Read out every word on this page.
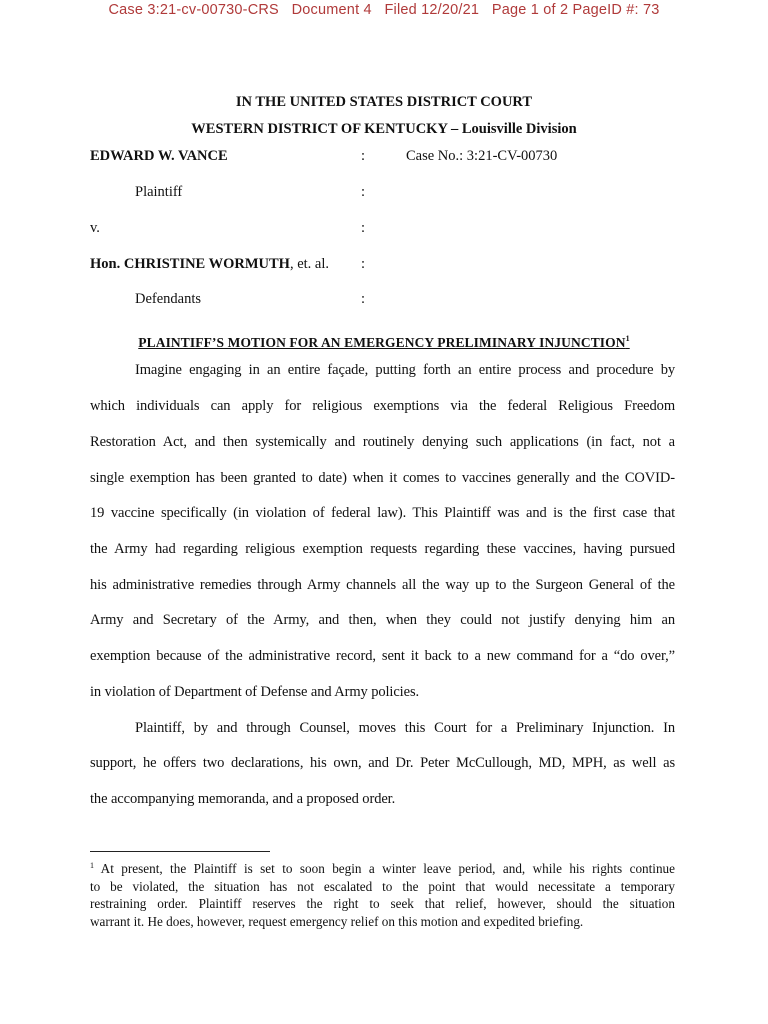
Case 3:21-cv-00730-CRS   Document 4   Filed 12/20/21   Page 1 of 2 PageID #: 73
IN THE UNITED STATES DISTRICT COURT
WESTERN DISTRICT OF KENTUCKY – Louisville Division
EDWARD W. VANCE	:	Case No.: 3:21-CV-00730
Plaintiff	:
v.	:
Hon. CHRISTINE WORMUTH, et. al. :
Defendants	:
PLAINTIFF’S MOTION FOR AN EMERGENCY PRELIMINARY INJUNCTION$^1$
Imagine engaging in an entire façade, putting forth an entire process and procedure by
which individuals can apply for religious exemptions via the federal Religious Freedom
Restoration Act, and then systemically and routinely denying such applications (in fact, not a
single exemption has been granted to date) when it comes to vaccines generally and the COVID-
19 vaccine specifically (in violation of federal law). This Plaintiff was and is the first case that
the Army had regarding religious exemption requests regarding these vaccines, having pursued
his administrative remedies through Army channels all the way up to the Surgeon General of the
Army and Secretary of the Army, and then, when they could not justify denying him an
exemption because of the administrative record, sent it back to a new command for a “do over,”
in violation of Department of Defense and Army policies.
Plaintiff, by and through Counsel, moves this Court for a Preliminary Injunction. In
support, he offers two declarations, his own, and Dr. Peter McCullough, MD, MPH, as well as
the accompanying memoranda, and a proposed order.
$^1$ At present, the Plaintiff is set to soon begin a winter leave period, and, while his rights continue
to be violated, the situation has not escalated to the point that would necessitate a temporary
restraining order. Plaintiff reserves the right to seek that relief, however, should the situation
warrant it. He does, however, request emergency relief on this motion and expedited briefing.
